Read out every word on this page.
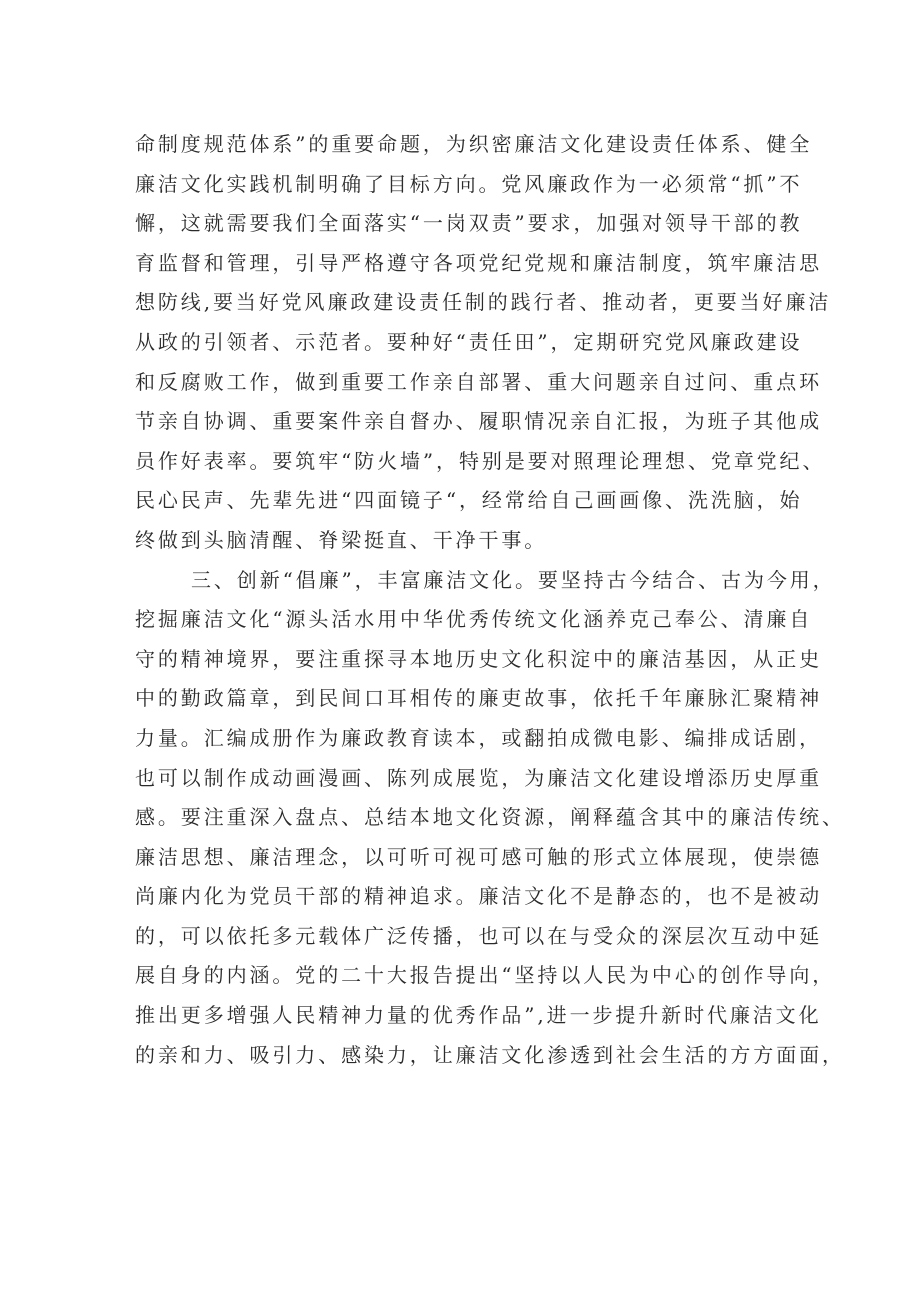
命制度规范体系”的重要命题，为织密廉洁文化建设责任体系、健全
廉洁文化实践机制明确了目标方向。党风廉政作为一必须常“抓”不
懈，这就需要我们全面落实“一岗双责”要求，加强对领导干部的教
育监督和管理，引导严格遵守各项党纪党规和廉洁制度，筑牢廉洁思
想防线,要当好党风廉政建设责任制的践行者、推动者，更要当好廉洁
从政的引领者、示范者。要种好“责任田”，定期研究党风廉政建设
和反腐败工作，做到重要工作亲自部署、重大问题亲自过问、重点环
节亲自协调、重要案件亲自督办、履职情况亲自汇报，为班子其他成
员作好表率。要筑牢“防火墙”，特别是要对照理论理想、党章党纪、
民心民声、先辈先进“四面镜子“，经常给自己画画像、洗洗脑，始
终做到头脑清醒、脊梁挺直、干净干事。
三、创新“倡廉”，丰富廉洁文化。要坚持古今结合、古为今用，
挖掘廉洁文化“源头活水用中华优秀传统文化涵养克己奉公、清廉自
守的精神境界，要注重探寻本地历史文化积淀中的廉洁基因，从正史
中的勤政篇章，到民间口耳相传的廉吏故事，依托千年廉脉汇聚精神
力量。汇编成册作为廉政教育读本，或翻拍成微电影、编排成话剧，
也可以制作成动画漫画、陈列成展览，为廉洁文化建设增添历史厚重
感。要注重深入盘点、总结本地文化资源，阐释蕴含其中的廉洁传统、
廉洁思想、廉洁理念，以可听可视可感可触的形式立体展现，使崇德
尚廉内化为党员干部的精神追求。廉洁文化不是静态的，也不是被动
的，可以依托多元载体广泛传播，也可以在与受众的深层次互动中延
展自身的内涵。党的二十大报告提出“坚持以人民为中心的创作导向，
推出更多增强人民精神力量的优秀作品”,进一步提升新时代廉洁文化
的亲和力、吸引力、感染力，让廉洁文化渗透到社会生活的方方面面，
